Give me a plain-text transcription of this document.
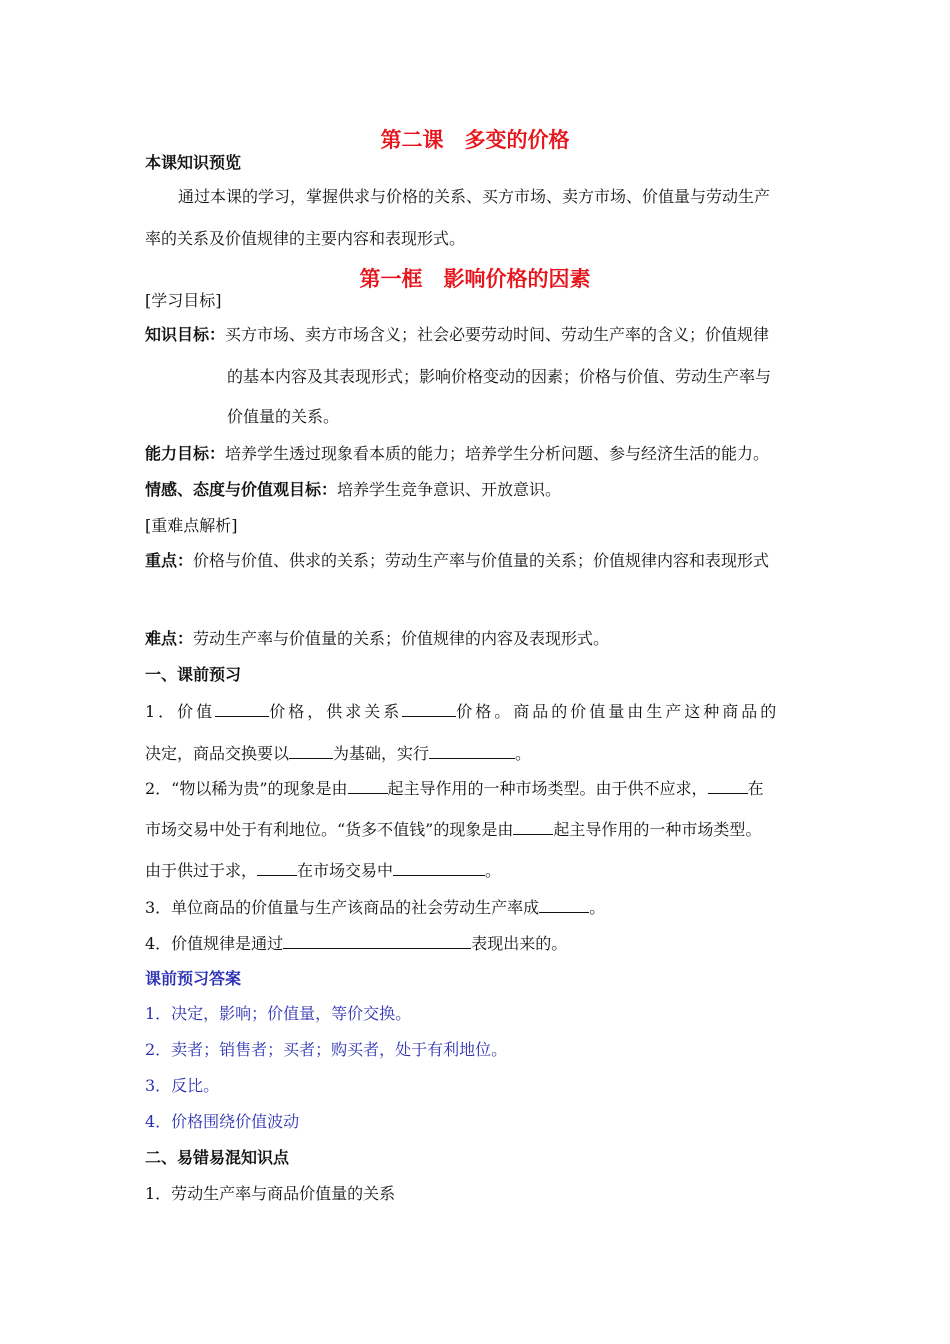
第二课　多变的价格
本课知识预览
通过本课的学习，掌握供求与价格的关系、买方市场、卖方市场、价值量与劳动生产
率的关系及价值规律的主要内容和表现形式。
第一框　影响价格的因素
[学习目标]
知识目标：买方市场、卖方市场含义；社会必要劳动时间、劳动生产率的含义；价值规律
的基本内容及其表现形式；影响价格变动的因素；价格与价值、劳动生产率与
价值量的关系。
能力目标：培养学生透过现象看本质的能力；培养学生分析问题、参与经济生活的能力。
情感、态度与价值观目标：培养学生竞争意识、开放意识。
[重难点解析]
重点：价格与价值、供求的关系；劳动生产率与价值量的关系；价值规律内容和表现形式
难点：劳动生产率与价值量的关系；价值规律的内容及表现形式。
一、课前预习
1．价值	价格，供求关系	价格。商品的价值量由生产这种商品的
决定，商品交换要以	为基础，实行	。
2．“物以稀为贵”的现象是由	起主导作用的一种市场类型。由于供不应求，	在
市场交易中处于有利地位。“货多不值钱”的现象是由	起主导作用的一种市场类型。
由于供过于求，	在市场交易中	。
3．单位商品的价值量与生产该商品的社会劳动生产率成	。
4．价值规律是通过	表现出来的。
课前预习答案
1．决定，影响；价值量，等价交换。
2．卖者；销售者；买者；购买者，处于有利地位。
3．反比。
4．价格围绕价值波动
二、易错易混知识点
1．劳动生产率与商品价值量的关系
